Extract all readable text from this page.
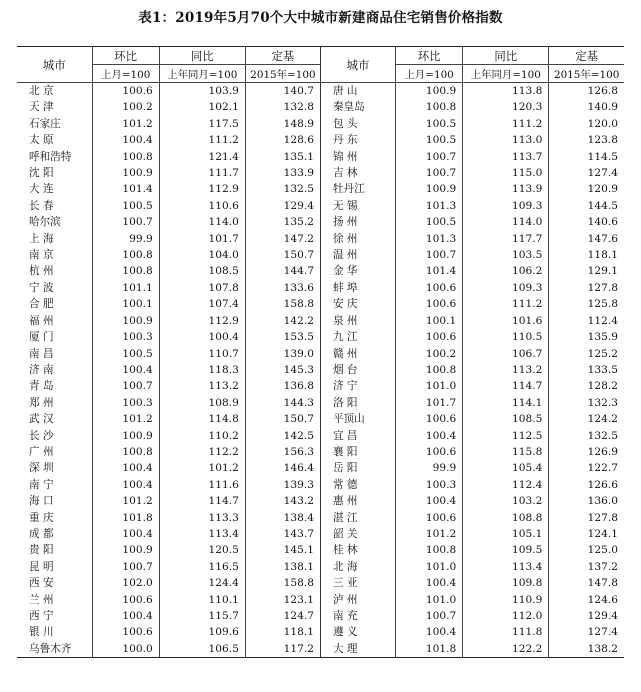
表1：2019年5月70个大中城市新建商品住宅销售价格指数
城市	环比	同比	定基	城市	环比	同比	定基
	上月=100	上年同月=100	2015年=100		上月=100	上年同月=100	2015年=100
北 京	100.6	103.9	140.7	唐 山	100.9	113.8	126.8
天 津	100.2	102.1	132.8	秦皇岛	100.8	120.3	140.9
石家庄	101.2	117.5	148.9	包 头	100.5	111.2	120.0
太 原	100.4	111.2	128.6	丹 东	100.5	113.0	123.8
呼和浩特	100.8	121.4	135.1	锦 州	100.7	113.7	114.5
沈 阳	100.9	111.7	133.9	吉 林	100.7	115.0	127.4
大 连	101.4	112.9	132.5	牡丹江	100.9	113.9	120.9
长 春	100.5	110.6	129.4	无 锡	101.3	109.3	144.5
哈尔滨	100.7	114.0	135.2	扬 州	100.5	114.0	140.6
上 海	99.9	101.7	147.2	徐 州	101.3	117.7	147.6
南 京	100.8	104.0	150.7	温 州	100.7	103.5	118.1
杭 州	100.8	108.5	144.7	金 华	101.4	106.2	129.1
宁 波	101.1	107.8	133.6	蚌 埠	100.6	109.3	127.8
合 肥	100.1	107.4	158.8	安 庆	100.6	111.2	125.8
福 州	100.9	112.9	142.2	泉 州	100.1	101.6	112.4
厦 门	100.3	100.4	153.5	九 江	100.6	110.5	135.9
南 昌	100.5	110.7	139.0	赣 州	100.2	106.7	125.2
济 南	100.4	118.3	145.3	烟 台	100.8	113.2	133.5
青 岛	100.7	113.2	136.8	济 宁	101.0	114.7	128.2
郑 州	100.3	108.9	144.3	洛 阳	101.7	114.1	132.3
武 汉	101.2	114.8	150.7	平顶山	100.6	108.5	124.2
长 沙	100.9	110.2	142.5	宜 昌	100.4	112.5	132.5
广 州	100.8	112.2	156.3	襄 阳	100.6	115.8	126.9
深 圳	100.4	101.2	146.4	岳 阳	99.9	105.4	122.7
南 宁	100.4	111.6	139.3	常 德	100.3	112.4	126.6
海 口	101.2	114.7	143.2	惠 州	100.4	103.2	136.0
重 庆	101.8	113.3	138.4	湛 江	100.6	108.8	127.8
成 都	100.4	113.4	143.7	韶 关	101.2	105.1	124.1
贵 阳	100.9	120.5	145.1	桂 林	100.8	109.5	125.0
昆 明	100.7	116.5	138.1	北 海	101.0	113.4	137.2
西 安	102.0	124.4	158.8	三 亚	100.4	109.8	147.8
兰 州	100.6	110.1	123.1	泸 州	101.0	110.9	124.6
西 宁	100.4	115.7	124.7	南 充	100.7	112.0	129.4
银 川	100.6	109.6	118.1	遵 义	100.4	111.8	127.4
乌鲁木齐	100.0	106.5	117.2	大 理	101.8	122.2	138.2
